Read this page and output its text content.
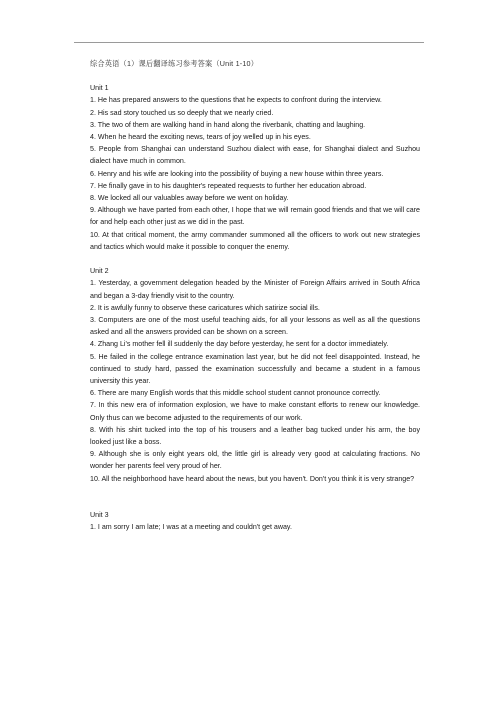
综合英语（1）课后翻译练习参考答案（Unit 1-10）
Unit 1

1. He has prepared answers to the questions that he expects to confront during the interview.

2. His sad story touched us so deeply that we nearly cried.

3. The two of them are walking hand in hand along the riverbank, chatting and laughing.

4. When he heard the exciting news, tears of joy welled up in his eyes.

5. People from Shanghai can understand Suzhou dialect with ease, for Shanghai dialect and Suzhou dialect have much in common.

6. Henry and his wife are looking into the possibility of buying a new house within three years.

7. He finally gave in to his daughter's repeated requests to further her education abroad.

8. We locked all our valuables away before we went on holiday.

9. Although we have parted from each other, I hope that we will remain good friends and that we will care for and help each other just as we did in the past.

10. At that critical moment, the army commander summoned all the officers to work out new strategies and tactics which would make it possible to conquer the enemy.

Unit 2

1. Yesterday, a government delegation headed by the Minister of Foreign Affairs arrived in South Africa and began a 3-day friendly visit to the country.

2. It is awfully funny to observe these caricatures which satirize social ills.

3. Computers are one of the most useful teaching aids, for all your lessons as well as all the questions asked and all the answers provided can be shown on a screen.

4. Zhang Li's mother fell ill suddenly the day before yesterday, he sent for a doctor immediately.

5. He failed in the college entrance examination last year, but he did not feel disappointed. Instead, he continued to study hard, passed the examination successfully and became a student in a famous university this year.

6. There are many English words that this middle school student cannot pronounce correctly.

7. In this new era of information explosion, we have to make constant efforts to renew our knowledge. Only thus can we become adjusted to the requirements of our work.

8. With his shirt tucked into the top of his trousers and a leather bag tucked under his arm, the boy looked just like a boss.

9. Although she is only eight years old, the little girl is already very good at calculating fractions. No wonder her parents feel very proud of her.

10. All the neighborhood have heard about the news, but you haven't. Don't you think it is very strange?

Unit 3

1. I am sorry I am late; I was at a meeting and couldn't get away.
